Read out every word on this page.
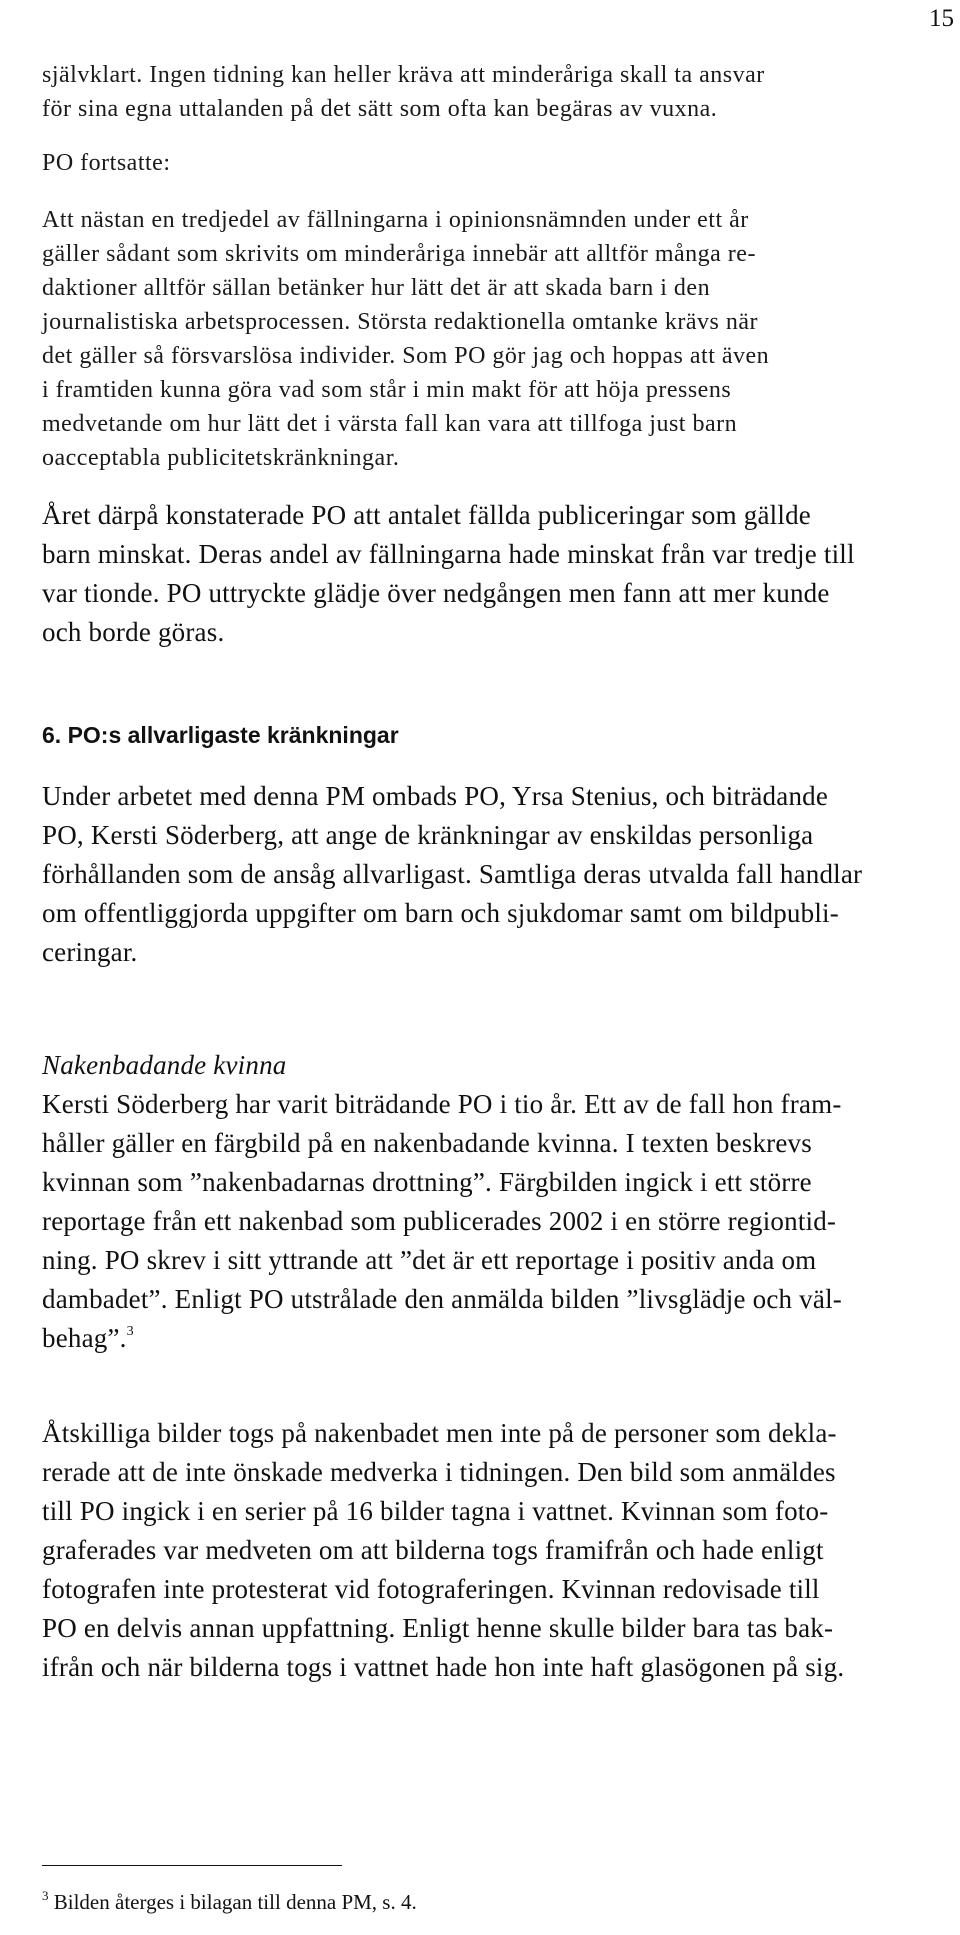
15
självklart. Ingen tidning kan heller kräva att minderåriga skall ta ansvar
för sina egna uttalanden på det sätt som ofta kan begäras av vuxna.
PO fortsatte:
Att nästan en tredjedel av fällningarna i opinionsnämnden under ett år
gäller sådant som skrivits om minderåriga innebär att alltför många re-
daktioner alltför sällan betänker hur lätt det är att skada barn i den
journalistiska arbetsprocessen. Största redaktionella omtanke krävs när
det gäller så försvarslösa individer. Som PO gör jag och hoppas att även
i framtiden kunna göra vad som står i min makt för att höja pressens
medvetande om hur lätt det i värsta fall kan vara att tillfoga just barn
oacceptabla publicitetskränkningar.
Året därpå konstaterade PO att antalet fällda publiceringar som gällde
barn minskat. Deras andel av fällningarna hade minskat från var tredje till
var tionde. PO uttryckte glädje över nedgången men fann att mer kunde
och borde göras.
6. PO:s allvarligaste kränkningar
Under arbetet med denna PM ombads PO, Yrsa Stenius, och biträdande
PO, Kersti Söderberg, att ange de kränkningar av enskildas personliga
förhållanden som de ansåg allvarligast. Samtliga deras utvalda fall handlar
om offentliggjorda uppgifter om barn och sjukdomar samt om bildpubli-
ceringar.
Nakenbadande kvinna
Kersti Söderberg har varit biträdande PO i tio år. Ett av de fall hon fram-
håller gäller en färgbild på en nakenbadande kvinna. I texten beskrevs
kvinnan som ”nakenbadarnas drottning”. Färgbilden ingick i ett större
reportage från ett nakenbad som publicerades 2002 i en större regiontid-
ning. PO skrev i sitt yttrande att ”det är ett reportage i positiv anda om
dambadet”. Enligt PO utstrålade den anmälda bilden ”livsglädje och väl-
behag”.$^3$
Åtskilliga bilder togs på nakenbadet men inte på de personer som dekla-
rerade att de inte önskade medverka i tidningen. Den bild som anmäldes
till PO ingick i en serier på 16 bilder tagna i vattnet. Kvinnan som foto-
graferades var medveten om att bilderna togs framifrån och hade enligt
fotografen inte protesterat vid fotograferingen. Kvinnan redovisade till
PO en delvis annan uppfattning. Enligt henne skulle bilder bara tas bak-
ifrån och när bilderna togs i vattnet hade hon inte haft glasögonen på sig.
$^3$ Bilden återges i bilagan till denna PM, s. 4.
